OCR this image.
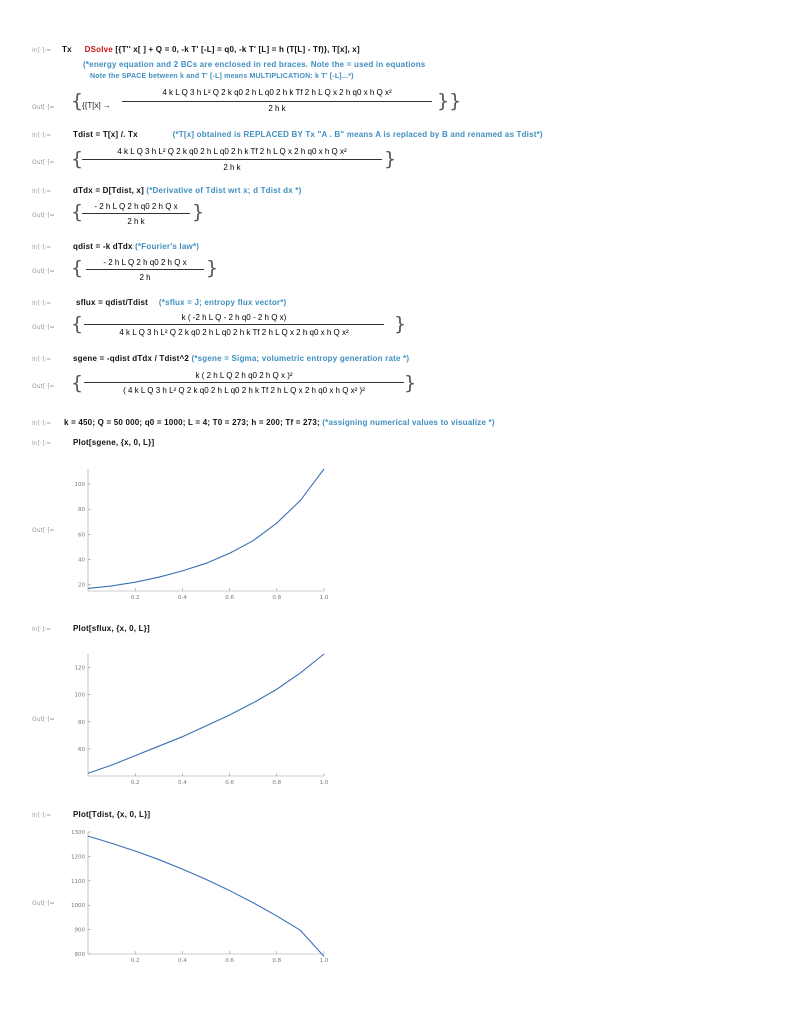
In[·]:=	Tx DSolve [{T'' x[ ] + Q = 0, -k T' [-L] = q0, -k T' [L] = h (T[L] - Tf)}, T[x], x]
(*energy equation and 2 BCs are enclosed in red braces. Note the = used in equations
Note the SPACE between k and T' [-L] means MULTIPLICATION: k T' [-L]...*)
Out[·]= {
{{T[x] →
4 k L Q 3 h L² Q 2 k q0 2 h L q0 2 h k Tf 2 h L Q x 2 h q0 x h Q x²
2 h k	}}
In[·]:=	Tdist = T[x] /. Tx	(*T[x] obtained is REPLACED BY Tx "A . B" means A is replaced by B and renamed as Tdist*)
Out[·]= {	4 k L Q 3 h L² Q 2 k q0 2 h L q0 2 h k Tf 2 h L Q x 2 h q0 x h Q x²
2 h k	}
In[·]:=	dTdx = D[Tdist, x] (*Derivative of Tdist wrt x; d Tdist dx *)
Out[·]= {	- 2 h L Q 2 h q0 2 h Q x
2 h k	}
In[·]:=	qdist = -k dTdx (*Fourier's law*)
Out[·]= {	- 2 h L Q 2 h q0 2 h Q x
2 h	}
In[·]:=	sflux = qdist/Tdist (*sflux = J; entropy flux vector*)
Out[·]= {	k ( -2 h L Q - 2 h q0 - 2 h Q x)
4 k L Q 3 h L² Q 2 k q0 2 h L q0 2 h k Tf 2 h L Q x 2 h q0 x h Q x²	}
In[·]:=	sgene = -qdist dTdx / Tdist^2 (*sgene = Sigma; volumetric entropy generation rate *)
Out[·]= {	k ( 2 h L Q 2 h q0 2 h Q x )²
( 4 k L Q 3 h L² Q 2 k q0 2 h L q0 2 h k Tf 2 h L Q x 2 h q0 x h Q x² )²	}
In[·]:=	k = 450; Q = 50 000; q0 = 1000; L = 4; T0 = 273; h = 200; Tf = 273; (*assigning numerical values to visualize *)
In[·]:=	Plot[sgene, {x, 0, L}]
Out[·]=
0.2	0.4	0.6	0.8	1.0
20
40
60
80
100
In[·]:=	Plot[sflux, {x, 0, L}]
Out[·]=
0.2	0.4	0.6	0.8	1.0
60
80
100
120
In[·]:=	Plot[Tdist, {x, 0, L}]
Out[·]=
0.2	0.4	0.6	0.8	1.0
800
900
1000
1100
1200
1300
